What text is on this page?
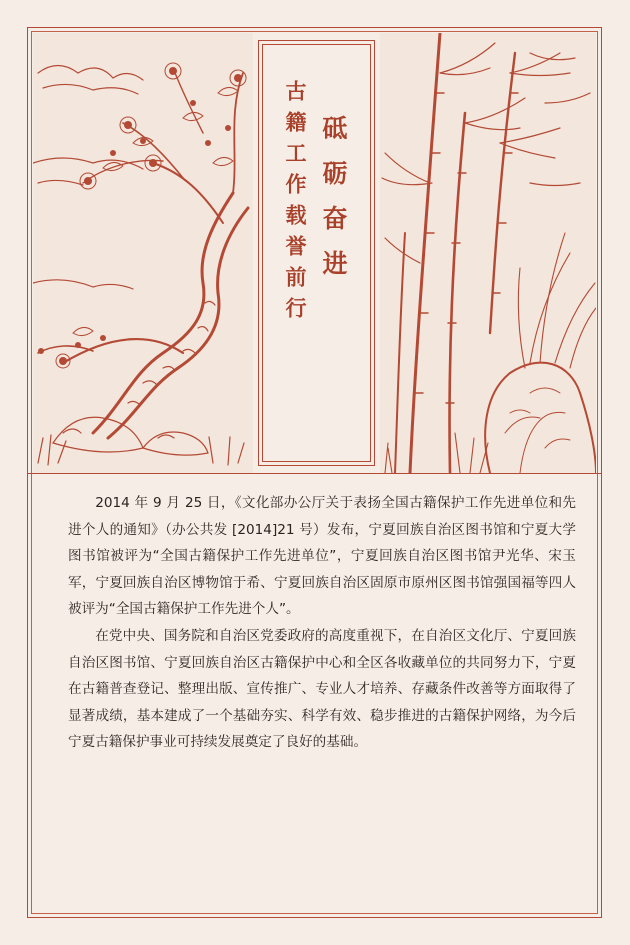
砥砺奋进
古籍工作载誉前行

2014 年 9 月 25 日，《文化部办公厅关于表扬全国古籍保护工作先进单位和先进个人的通知》（办公共发 [2014]21 号）发布，宁夏回族自治区图书馆和宁夏大学图书馆被评为“全国古籍保护工作先进单位”，宁夏回族自治区图书馆尹光华、宋玉军，宁夏回族自治区博物馆于希、宁夏回族自治区固原市原州区图书馆强国福等四人被评为“全国古籍保护工作先进个人”。

在党中央、国务院和自治区党委政府的高度重视下，在自治区文化厅、宁夏回族自治区图书馆、宁夏回族自治区古籍保护中心和全区各收藏单位的共同努力下，宁夏在古籍普查登记、整理出版、宣传推广、专业人才培养、存藏条件改善等方面取得了显著成绩，基本建成了一个基础夯实、科学有效、稳步推进的古籍保护网络，为今后宁夏古籍保护事业可持续发展奠定了良好的基础。
